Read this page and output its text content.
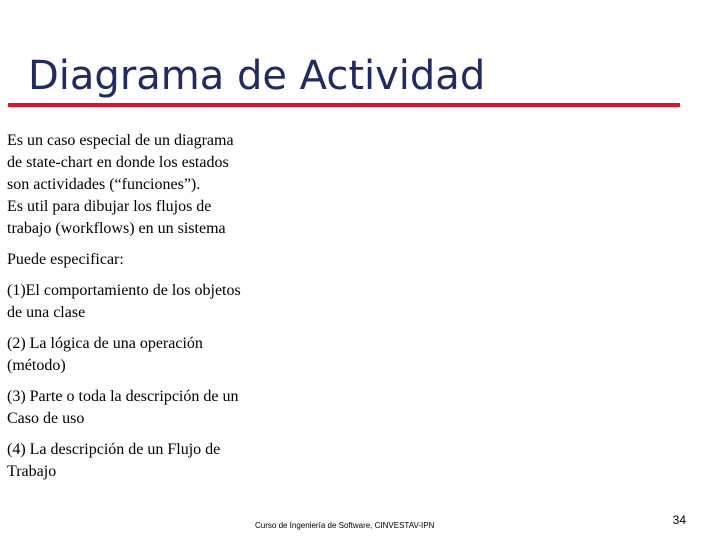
Diagrama de Actividad

Es un caso especial de un diagrama
de state-chart en donde los estados
son actividades (“funciones”).
Es util para dibujar los flujos de
trabajo (workflows) en un sistema

Puede especificar:

(1)El comportamiento de los objetos
de una clase

(2) La lógica de una operación
(método)

(3) Parte o toda la descripción de un
Caso de uso

(4) La descripción de un Flujo de
Trabajo

Curso de Ingeniería de Software, CINVESTAV-IPN	34
